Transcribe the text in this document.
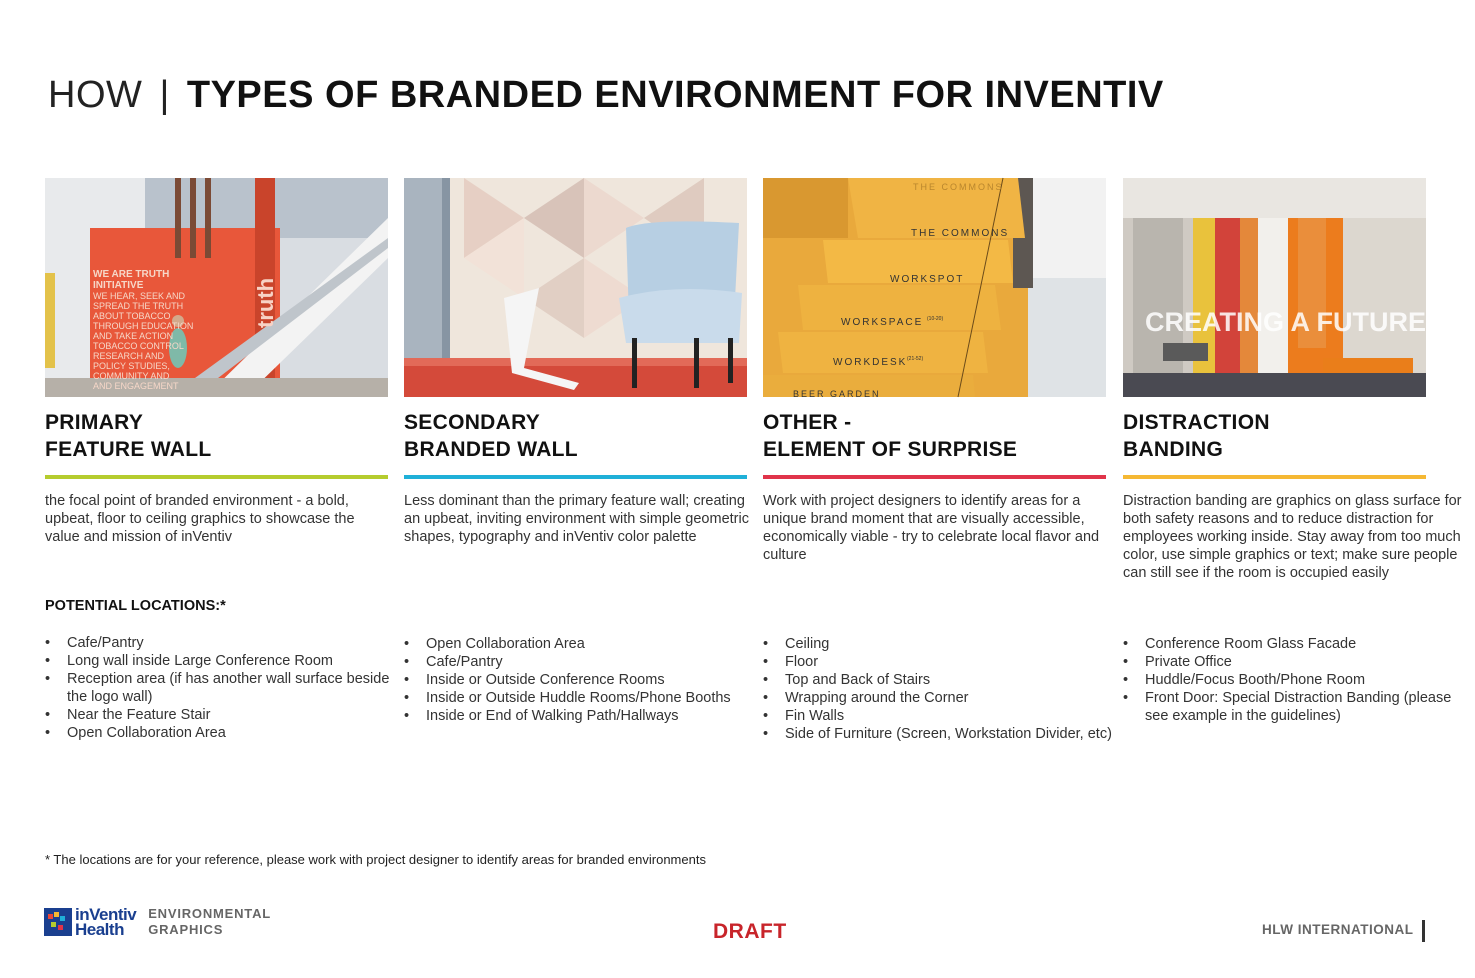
HOW | TYPES OF BRANDED ENVIRONMENT FOR INVENTIV
WE ARE TRUTH
INITIATIVE
WE HEAR, SEEK AND
SPREAD THE TRUTH
ABOUT TOBACCO
THROUGH EDUCATION
AND TAKE ACTION
TOBACCO CONTROL
RESEARCH AND
POLICY STUDIES,
COMMUNITY AND
AND ENGAGEMENT
truth
PRIMARY
FEATURE WALL
the focal point of branded environment - a bold, upbeat, floor to ceiling graphics to showcase the value and mission of inVentiv
• Cafe/Pantry
• Long wall inside Large Conference Room
• Reception area (if has another wall surface beside the logo wall)
• Near the Feature Stair
• Open Collaboration Area
SECONDARY
BRANDED WALL
Less dominant than the primary feature wall; creating an upbeat, inviting environment with simple geometric shapes, typography and inVentiv color palette
• Open Collaboration Area
• Cafe/Pantry
• Inside or Outside Conference Rooms
• Inside or Outside Huddle Rooms/Phone Booths
• Inside or End of Walking Path/Hallways
THE COMMONS
THE COMMONS
WORKSPOT
WORKSPACE (10-20)
WORKDESK (21-52)
BEER GARDEN
OTHER -
ELEMENT OF SURPRISE
Work with project designers to identify areas for a unique brand moment that are visually accessible, economically viable - try to celebrate local flavor and culture
• Ceiling
• Floor
• Top and Back of Stairs
• Wrapping around the Corner
• Fin Walls
• Side of Furniture (Screen, Workstation Divider, etc)
CREATING A FUTURE
DISTRACTION
BANDING
Distraction banding are graphics on glass surface for both safety reasons and to reduce distraction for employees working inside. Stay away from too much color, use simple graphics or text; make sure people can still see if the room is occupied easily
• Conference Room Glass Facade
• Private Office
• Huddle/Focus Booth/Phone Room
• Front Door: Special Distraction Banding (please see example in the guidelines)
POTENTIAL LOCATIONS:*
* The locations are for your reference, please work with project designer to identify areas for branded environments
inVentiv
Health
ENVIRONMENTAL
GRAPHICS	DRAFT	HLW INTERNATIONAL
